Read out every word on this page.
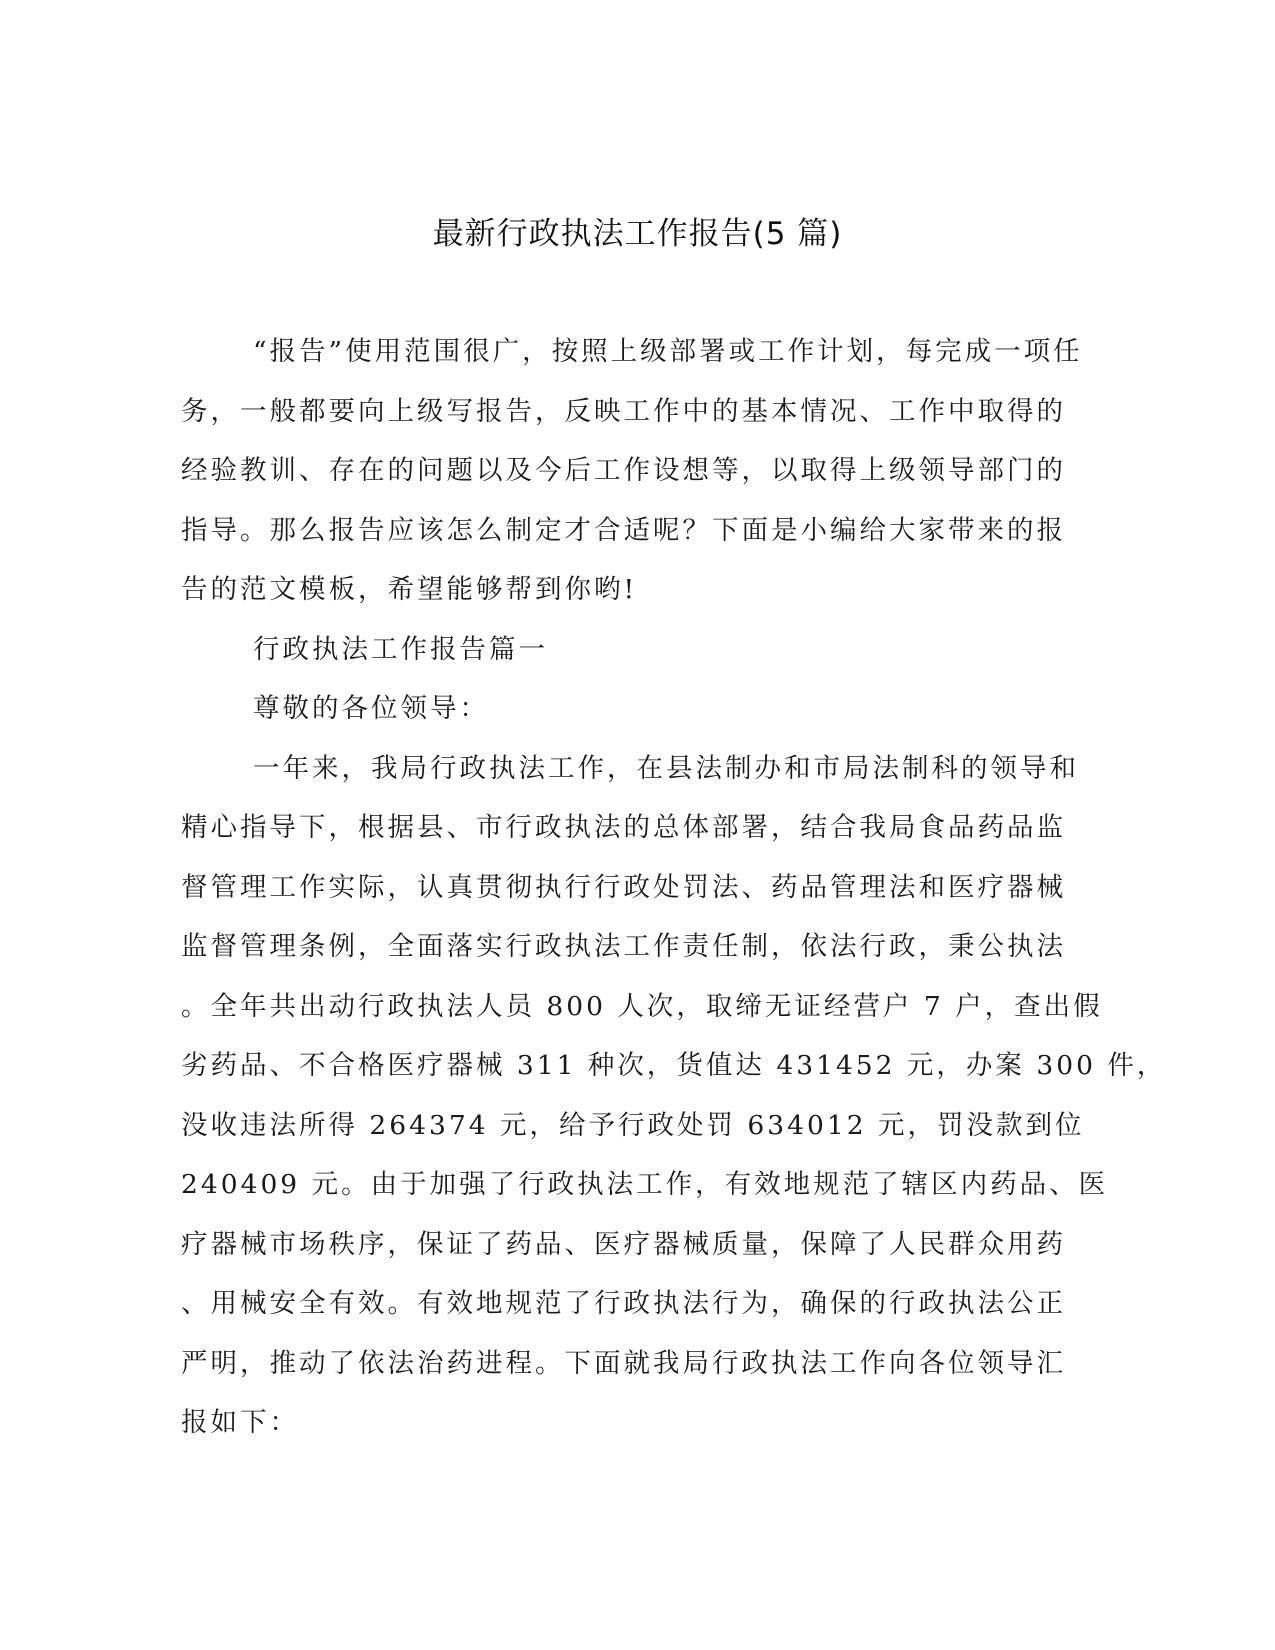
最新行政执法工作报告(5 篇)
“报告”使用范围很广，按照上级部署或工作计划，每完成一项任
务，一般都要向上级写报告，反映工作中的基本情况、工作中取得的
经验教训、存在的问题以及今后工作设想等，以取得上级领导部门的
指导。那么报告应该怎么制定才合适呢？下面是小编给大家带来的报
告的范文模板，希望能够帮到你哟!
行政执法工作报告篇一
尊敬的各位领导：
一年来，我局行政执法工作，在县法制办和市局法制科的领导和
精心指导下，根据县、市行政执法的总体部署，结合我局食品药品监
督管理工作实际，认真贯彻执行行政处罚法、药品管理法和医疗器械
监督管理条例，全面落实行政执法工作责任制，依法行政，秉公执法
。全年共出动行政执法人员 800 人次，取缔无证经营户 7 户，查出假
劣药品、不合格医疗器械 311 种次，货值达 431452 元，办案 300 件，
没收违法所得 264374 元，给予行政处罚 634012 元，罚没款到位
240409 元。由于加强了行政执法工作，有效地规范了辖区内药品、医
疗器械市场秩序，保证了药品、医疗器械质量，保障了人民群众用药
、用械安全有效。有效地规范了行政执法行为，确保的行政执法公正
严明，推动了依法治药进程。下面就我局行政执法工作向各位领导汇
报如下：
